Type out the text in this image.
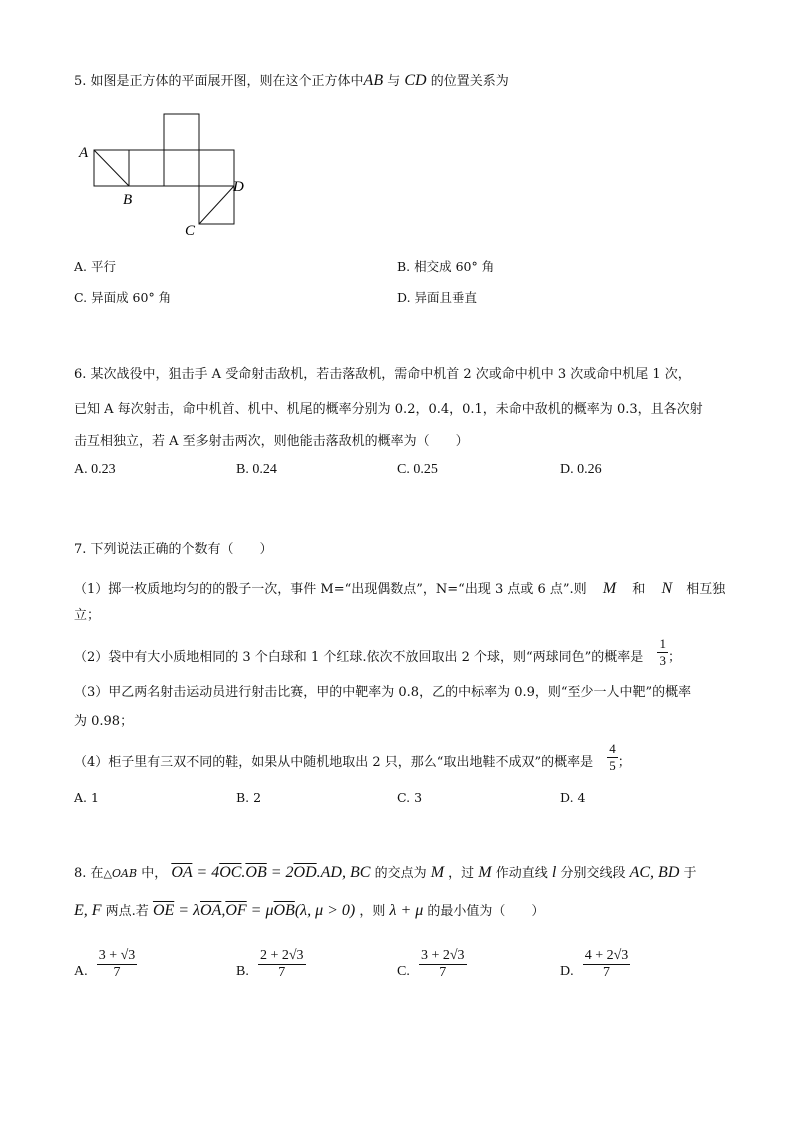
5. 如图是正方体的平面展开图，则在这个正方体中AB 与 CD 的位置关系为
A
B
C
D
A. 平行	B. 相交成 60° 角
C. 异面成 60° 角	D. 异面且垂直
6. 某次战役中，狙击手 A 受命射击敌机，若击落敌机，需命中机首 2 次或命中机中 3 次或命中机尾 1 次，
已知 A 每次射击，命中机首、机中、机尾的概率分别为 0.2，0.4，0.1，未命中敌机的概率为 0.3，且各次射
击互相独立，若 A 至多射击两次，则他能击落敌机的概率为（　　）
A. 0.23	B. 0.24	C. 0.25	D. 0.26
7. 下列说法正确的个数有（　　）
（1）掷一枚质地均匀的的骰子一次，事件 M=“出现偶数点”，N=“出现 3 点或 6 点”.则 M 和 N 相互独
立；
（2）袋中有大小质地相同的 3 个白球和 1 个红球.依次不放回取出 2 个球，则“两球同色”的概率是 $\frac{1}{3}$ ；
（3）甲乙两名射击运动员进行射击比赛，甲的中靶率为 0.8，乙的中标率为 0.9，则“至少一人中靶”的概率
为 0.98；
（4）柜子里有三双不同的鞋，如果从中随机地取出 2 只，那么“取出地鞋不成双”的概率是 $\frac{4}{5}$ ；
A. 1	B. 2	C. 3	D. 4
8. 在△OAB 中， $\overline{OA} = 4\overline{OC}.\overline{OB} = 2\overline{OD}.AD$, BC 的交点为 M ，过 M 作动直线 l 分别交线段 AC, BD 于
E, F 两点.若 $\overline{OE} = \lambda\overline{OA},\overline{OF} = \mu\overline{OB}(\lambda$, μ > 0) ，则 λ + μ 的最小值为（　　）
A. $\frac{3 + √3}{7}$	B. $\frac{2 + 2√3}{7}$	C. $\frac{3 + 2√3}{7}$	D. $\frac{4 + 2√3}{7}$
